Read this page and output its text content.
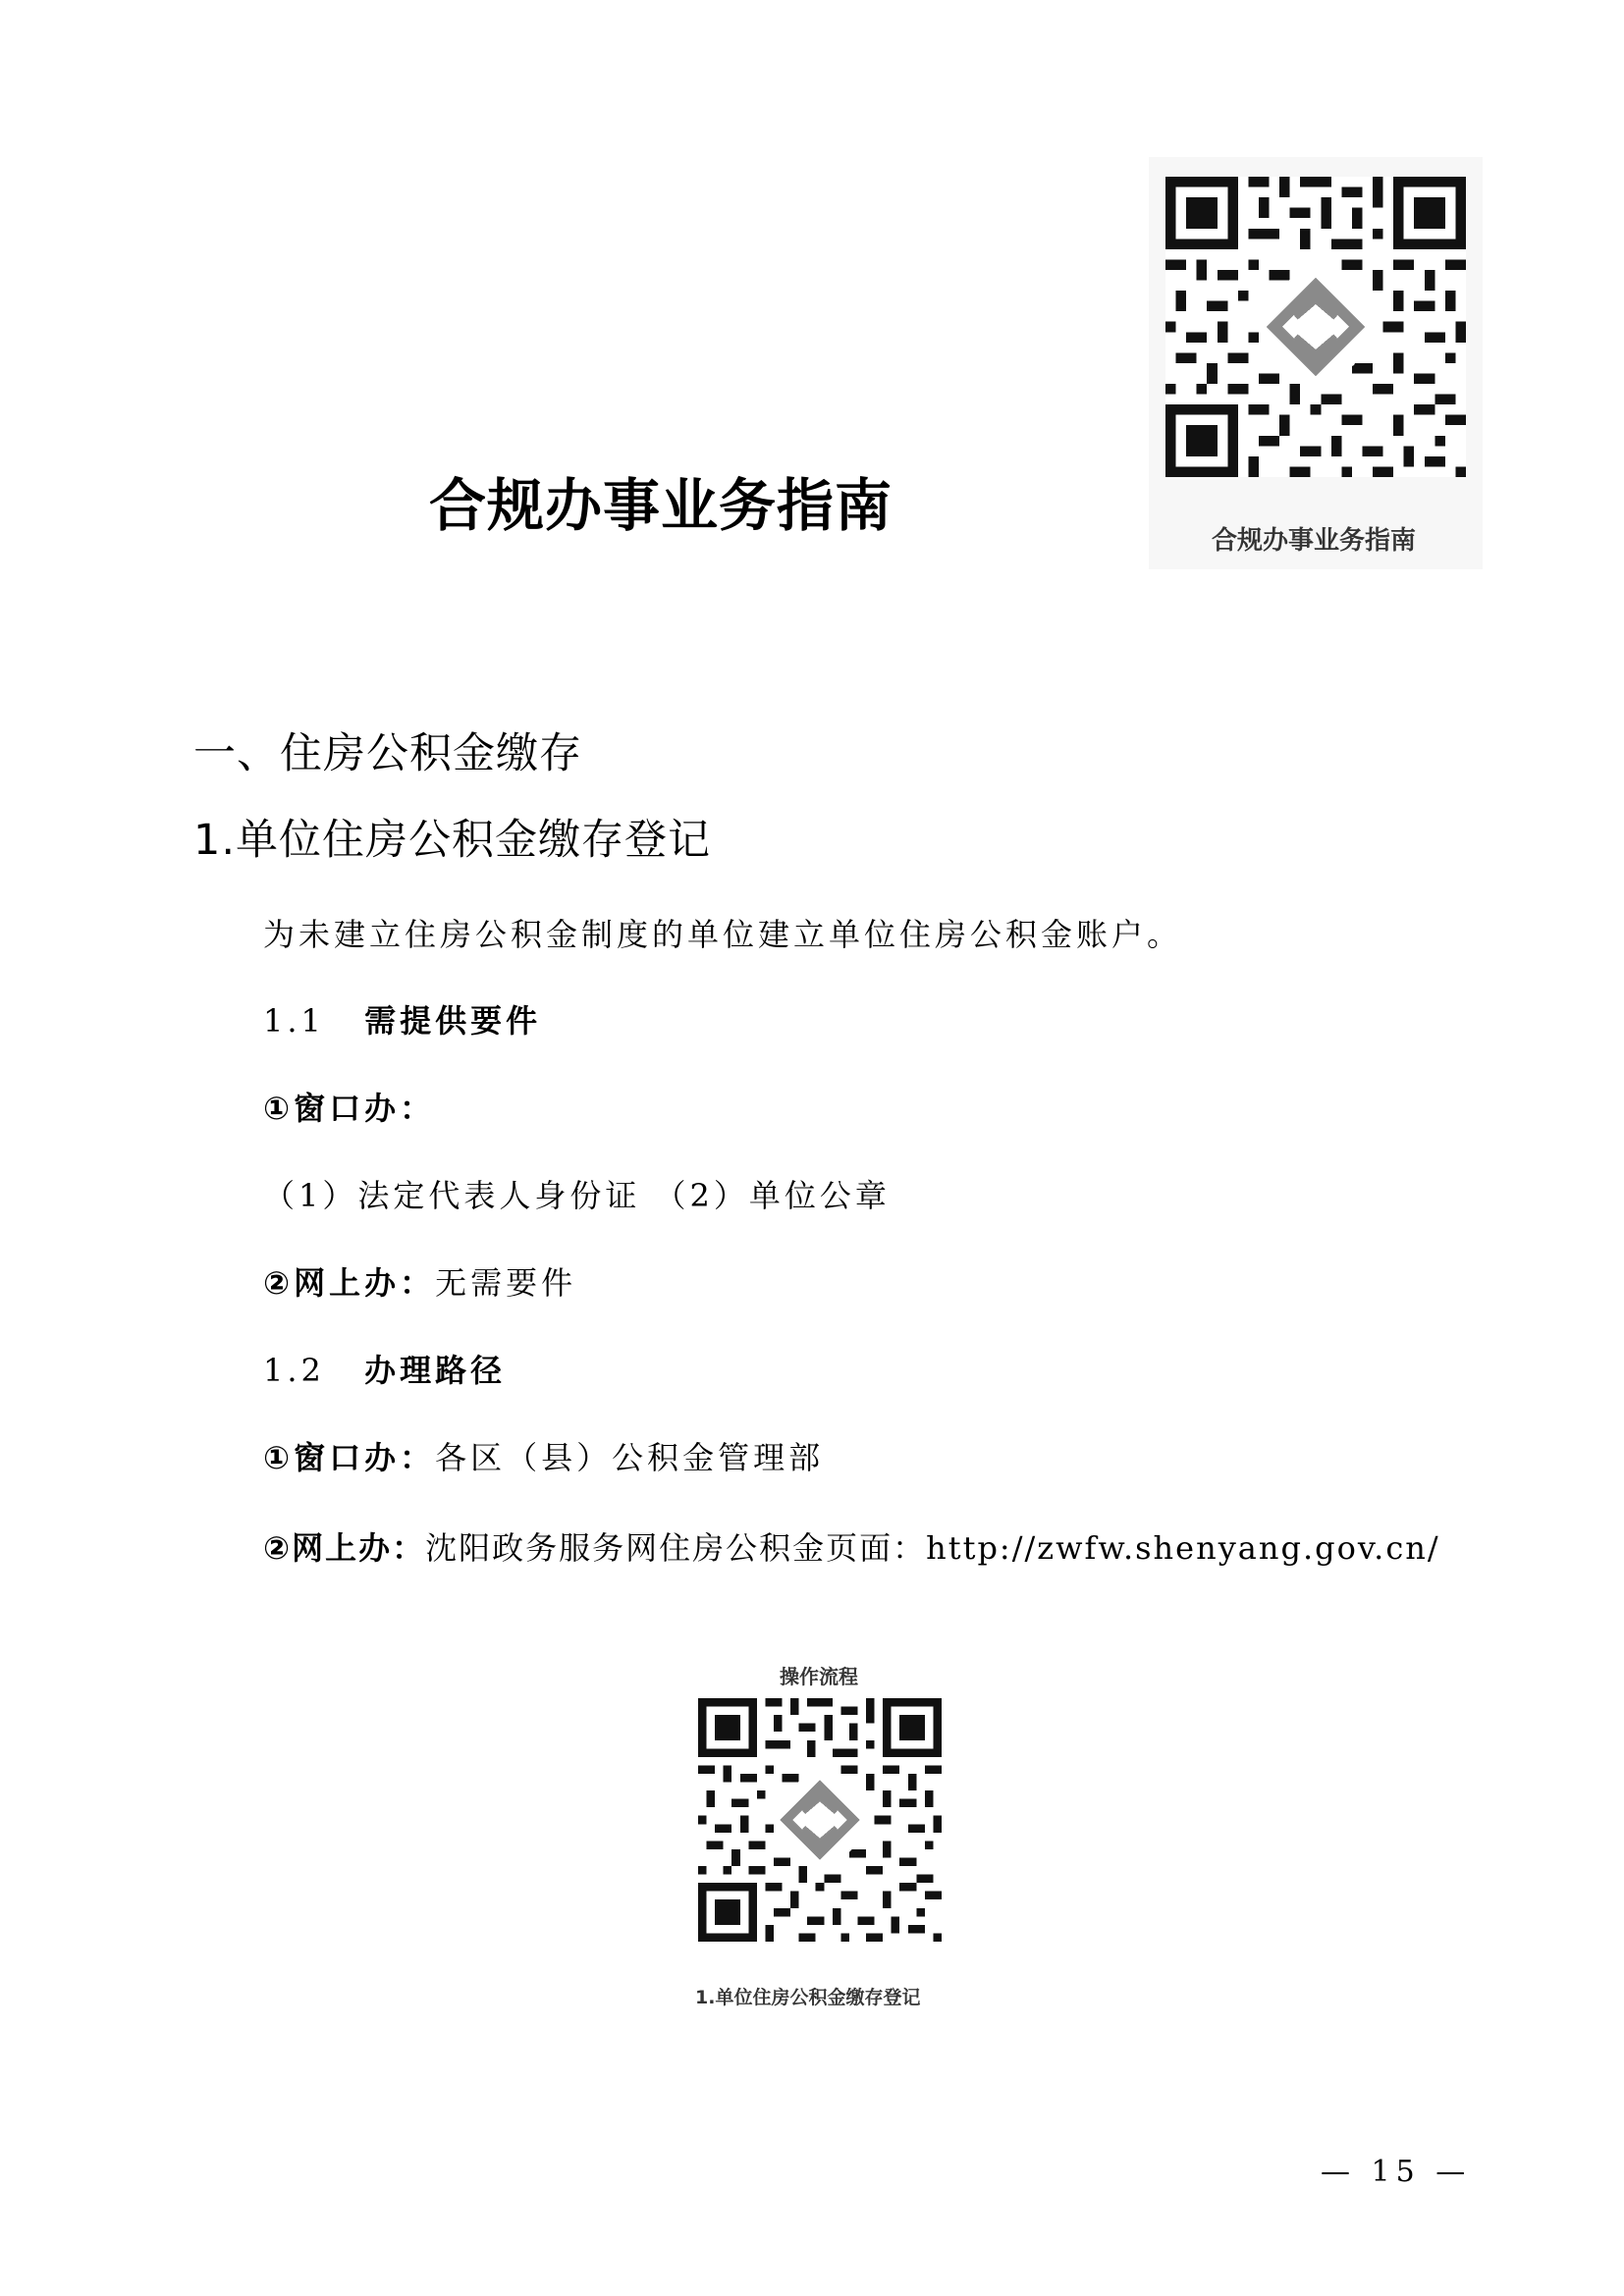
合规办事业务指南
合规办事业务指南
一、住房公积金缴存
1.单位住房公积金缴存登记
为未建立住房公积金制度的单位建立单位住房公积金账户。
1.1 需提供要件
①窗口办：
（1）法定代表人身份证 （2）单位公章
②网上办：无需要件
1.2 办理路径
①窗口办：各区（县）公积金管理部
②网上办：沈阳政务服务网住房公积金页面：http://zwfw.shenyang.gov.cn/
操作流程
1.单位住房公积金缴存登记
— 15 —
